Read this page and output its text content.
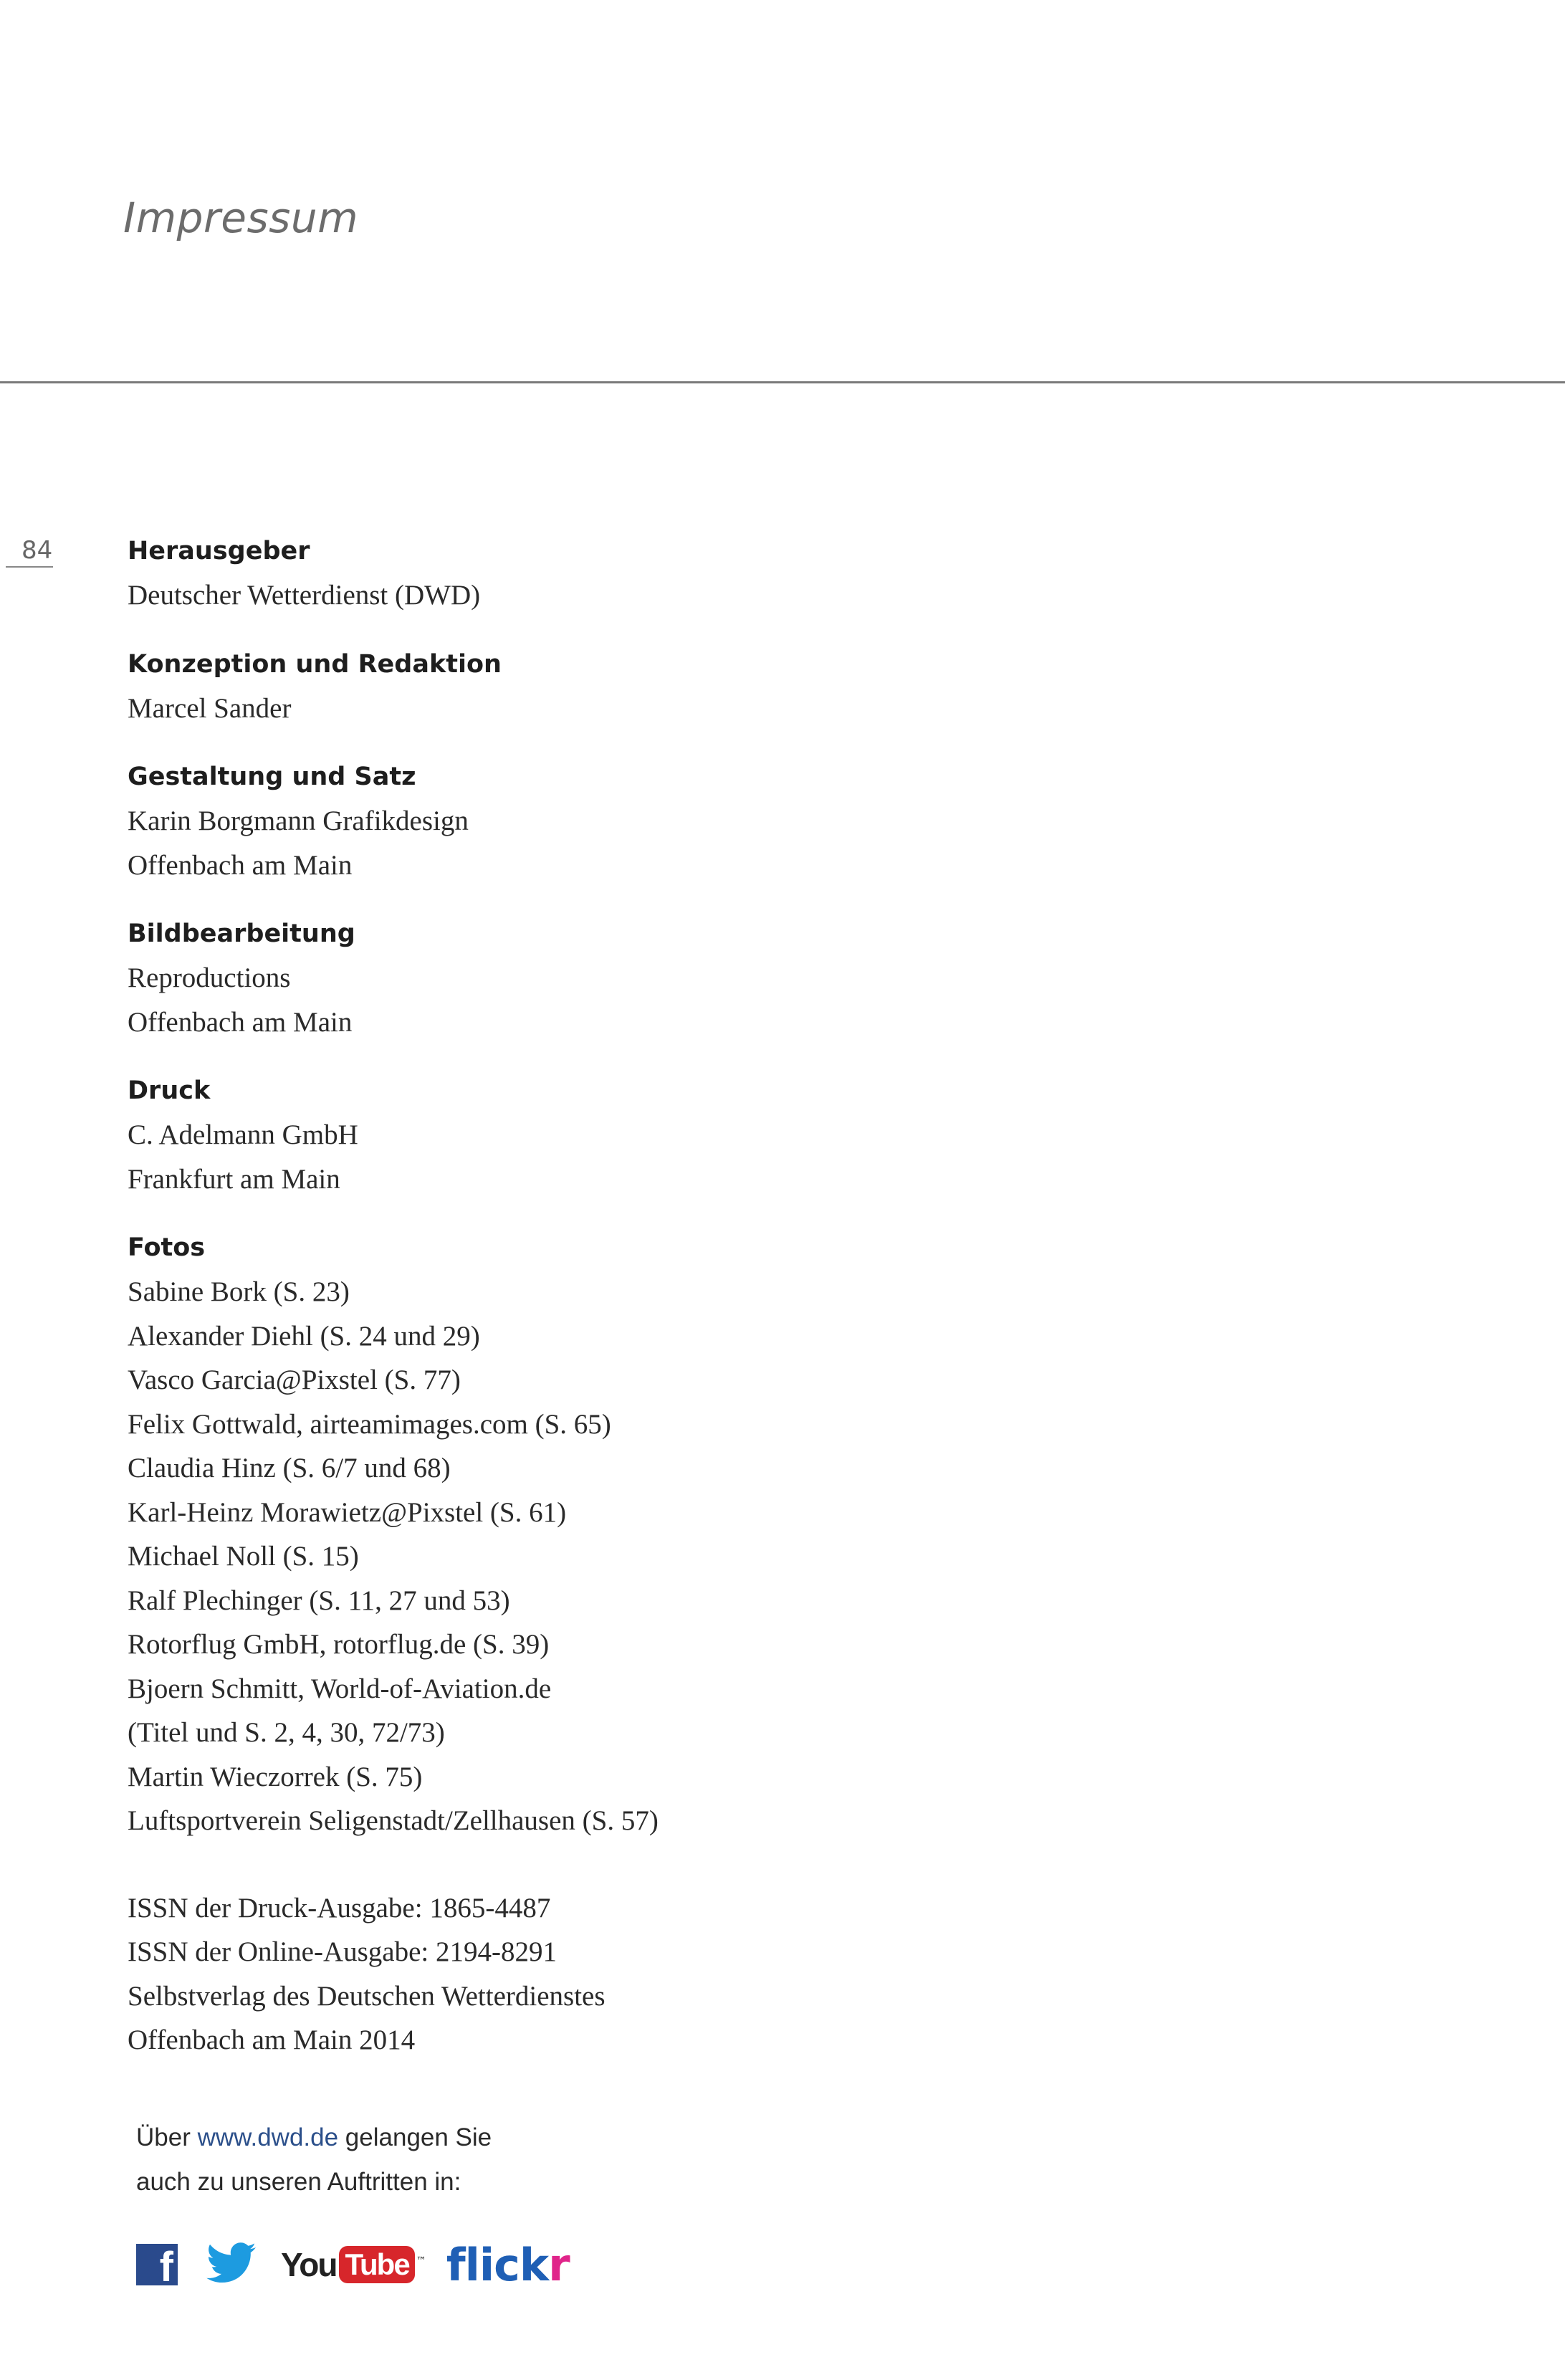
Impressum
84	Herausgeber

Deutscher Wetterdienst (DWD)

Konzeption und Redaktion

Marcel Sander

Gestaltung und Satz

Karin Borgmann Grafikdesign

Offenbach am Main

Bildbearbeitung

Reproductions

Offenbach am Main

Druck

C. Adelmann GmbH

Frankfurt am Main

Fotos

Sabine Bork (S. 23)

Alexander Diehl (S. 24 und 29)

Vasco Garcia@Pixstel (S. 77)

Felix Gottwald, airteamimages.com (S. 65)

Claudia Hinz (S. 6/7 und 68)

Karl-Heinz Morawietz@Pixstel (S. 61)

Michael Noll (S. 15)

Ralf Plechinger (S. 11, 27 und 53)

Rotorflug GmbH, rotorflug.de (S. 39)

Bjoern Schmitt, World-of-Aviation.de

(Titel und S. 2, 4, 30, 72/73)

Martin Wieczorrek (S. 75)

Luftsportverein Seligenstadt/Zellhausen (S. 57)

ISSN der Druck-Ausgabe: 1865-4487

ISSN der Online-Ausgabe: 2194-8291

Selbstverlag des Deutschen Wetterdienstes

Offenbach am Main 2014

Über www.dwd.de gelangen Sie
auch zu unseren Auftritten in:
f	You Tube ™ flickr
